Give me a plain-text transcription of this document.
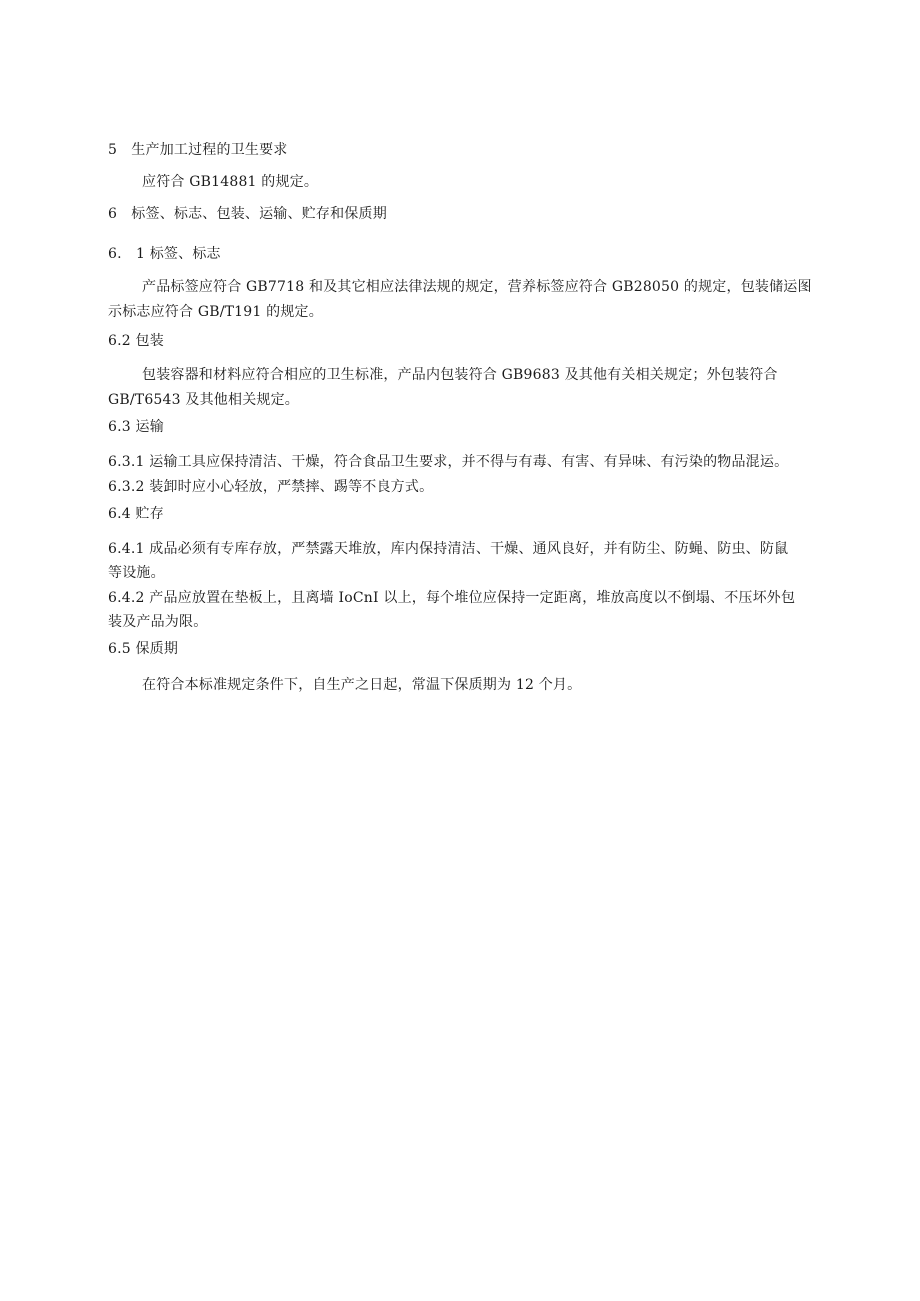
5　生产加工过程的卫生要求
应符合 GB14881 的规定。
6　标签、标志、包装、运输、贮存和保质期
6.　1 标签、标志
产品标签应符合 GB7718 和及其它相应法律法规的规定，营养标签应符合 GB28050 的规定，包装储运图
示标志应符合 GB/T191 的规定。
6.2 包装
包装容器和材料应符合相应的卫生标准，产品内包装符合 GB9683 及其他有关相关规定；外包装符合
GB/T6543 及其他相关规定。
6.3 运输
6.3.1 运输工具应保持清洁、干燥，符合食品卫生要求，并不得与有毒、有害、有异味、有污染的物品混运。
6.3.2 装卸时应小心轻放，严禁摔、踢等不良方式。
6.4 贮存
6.4.1 成品必须有专库存放，严禁露天堆放，库内保持清洁、干燥、通风良好，并有防尘、防蝇、防虫、防鼠
等设施。
6.4.2 产品应放置在垫板上，且离墙 IoCnI 以上，每个堆位应保持一定距离，堆放高度以不倒塌、不压坏外包
装及产品为限。
6.5 保质期
在符合本标准规定条件下，自生产之日起，常温下保质期为 12 个月。
